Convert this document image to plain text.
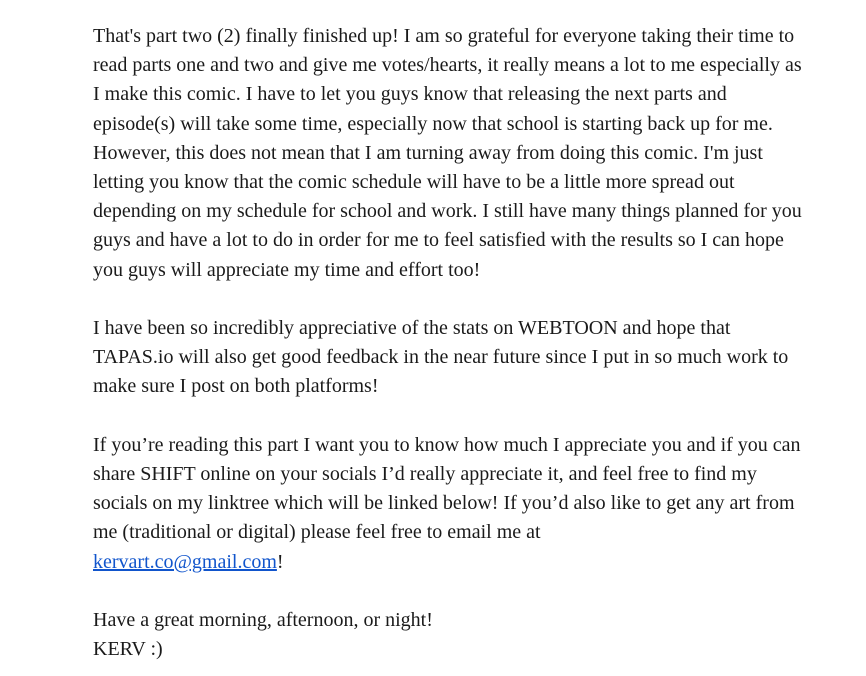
That's part two (2) finally finished up! I am so grateful for everyone taking their time to read parts one and two and give me votes/hearts, it really means a lot to me especially as I make this comic. I have to let you guys know that releasing the next parts and episode(s) will take some time, especially now that school is starting back up for me. However, this does not mean that I am turning away from doing this comic. I'm just letting you know that the comic schedule will have to be a little more spread out depending on my schedule for school and work. I still have many things planned for you guys and have a lot to do in order for me to feel satisfied with the results so I can hope you guys will appreciate my time and effort too!

I have been so incredibly appreciative of the stats on WEBTOON and hope that TAPAS.io will also get good feedback in the near future since I put in so much work to make sure I post on both platforms!

If you’re reading this part I want you to know how much I appreciate you and if you can share SHIFT online on your socials I’d really appreciate it, and feel free to find my socials on my linktree which will be linked below! If you’d also like to get any art from me (traditional or digital) please feel free to email me at
kervart.co@gmail.com!

Have a great morning, afternoon, or night!

KERV :)
